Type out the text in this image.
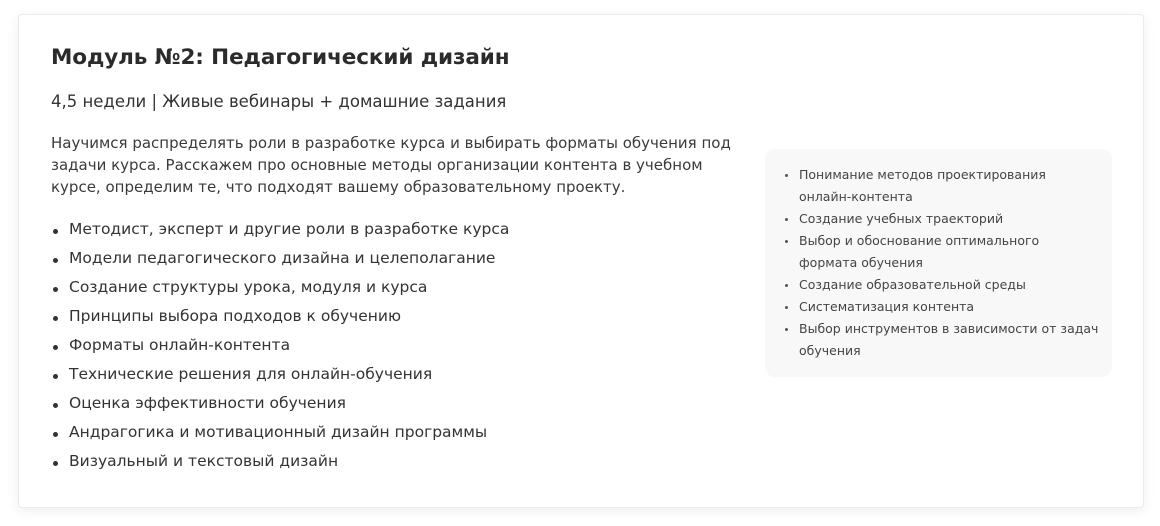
Модуль №2: Педагогический дизайн
4,5 недели | Живые вебинары + домашние задания
Научимся распределять роли в разработке курса и выбирать форматы обучения под задачи курса. Расскажем про основные методы организации контента в учебном курсе, определим те, что подходят вашему образовательному проекту.
Методист, эксперт и другие роли в разработке курса
Модели педагогического дизайна и целеполагание
Создание структуры урока, модуля и курса
Принципы выбора подходов к обучению
Форматы онлайн-контента
Технические решения для онлайн-обучения
Оценка эффективности обучения
Андрагогика и мотивационный дизайн программы
Визуальный и текстовый дизайн
Понимание методов проектирования онлайн-контента
Создание учебных траекторий
Выбор и обоснование оптимального формата обучения
Создание образовательной среды
Систематизация контента
Выбор инструментов в зависимости от задач обучения
